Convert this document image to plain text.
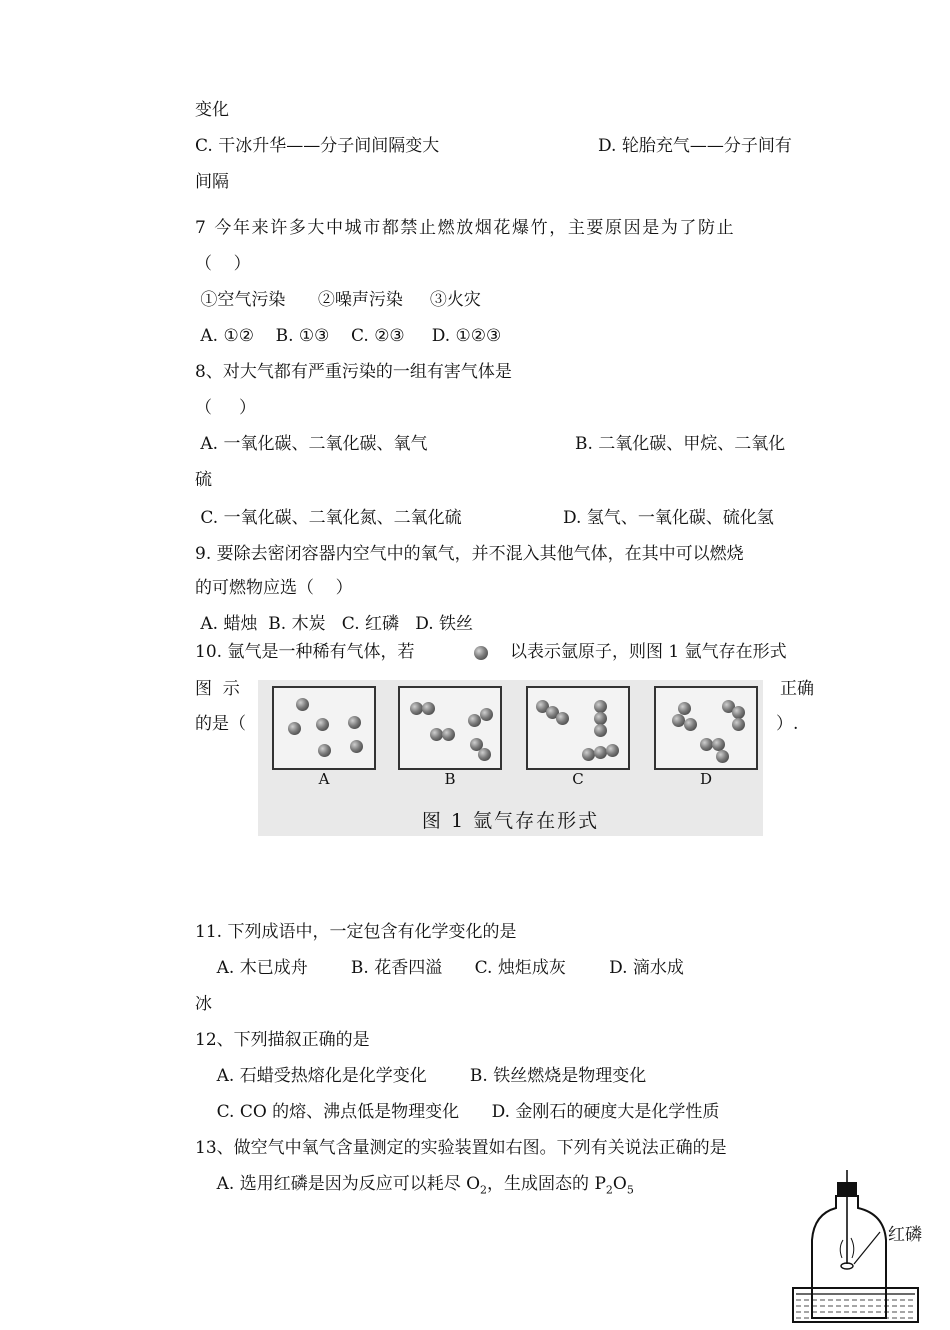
变化
C. 干冰升华——分子间间隔变大	D. 轮胎充气——分子间有
间隔
7 今年来许多大中城市都禁止燃放烟花爆竹，主要原因是为了防止
（    ）
①空气污染      ②噪声污染     ③火灾
A. ①②    B. ①③    C. ②③     D. ①②③
8、对大气都有严重污染的一组有害气体是
（     ）
A. 一氧化碳、二氧化碳、氧气	B. 二氧化碳、甲烷、二氧化
硫
C. 一氧化碳、二氧化氮、二氧化硫	D. 氢气、一氧化碳、硫化氢
9. 要除去密闭容器内空气中的氧气，并不混入其他气体，在其中可以燃烧
的可燃物应选（    ）
A. 蜡烛  B. 木炭   C. 红磷   D. 铁丝
10. 氩气是一种稀有气体，若	以表示氩原子，则图 1 氩气存在形式
图  示	正确
的是（	）.
A	B	C	D
图 1 氩气存在形式
11. 下列成语中，一定包含有化学变化的是
A. 木已成舟        B. 花香四溢      C. 烛炬成灰        D. 滴水成
冰
12、下列描叙正确的是
A. 石蜡受热熔化是化学变化        B. 铁丝燃烧是物理变化
C. CO 的熔、沸点低是物理变化      D. 金刚石的硬度大是化学性质
13、做空气中氧气含量测定的实验装置如右图。下列有关说法正确的是
A. 选用红磷是因为反应可以耗尽 $O_2$，生成固态的 $P_2O_5$
红磷
